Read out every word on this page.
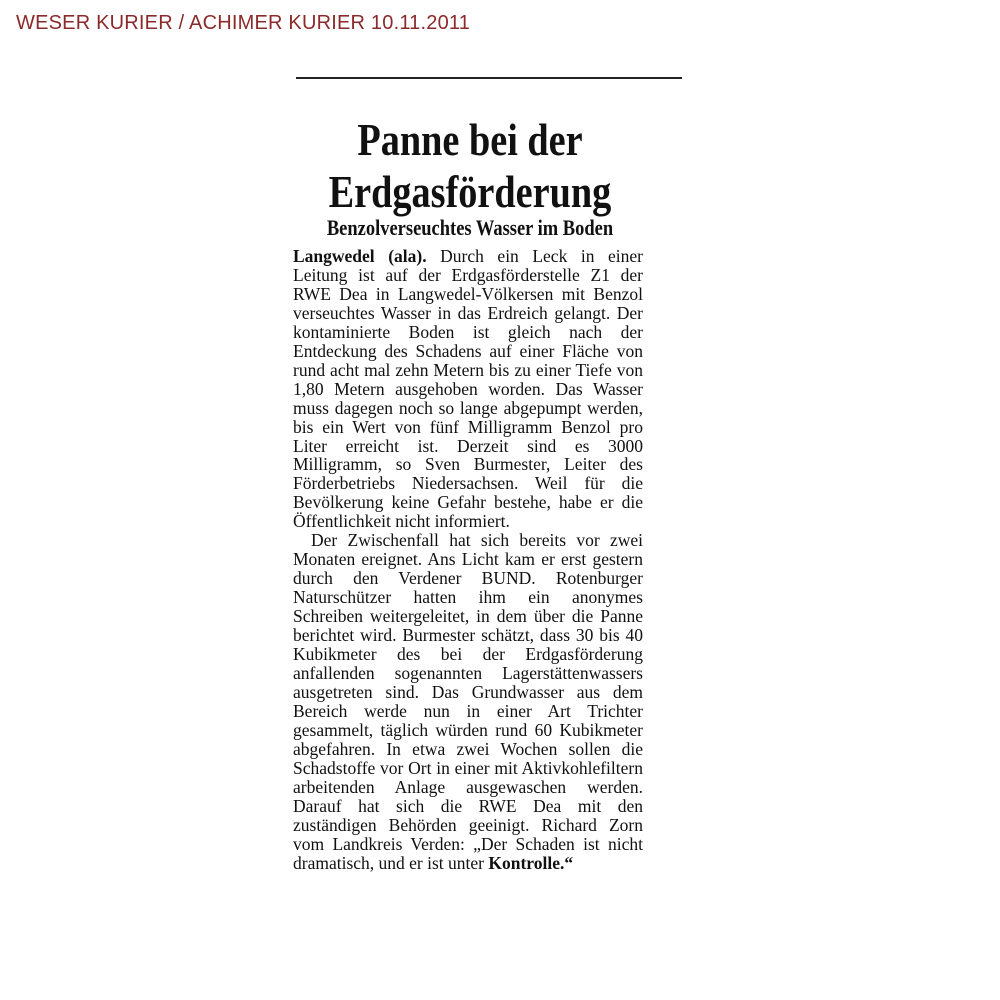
WESER KURIER / ACHIMER KURIER 10.11.2011
Panne bei der
Erdgasförderung
Benzolverseuchtes Wasser im Boden

Langwedel (ala). Durch ein Leck in einer Leitung ist auf der Erdgasförderstelle Z1 der RWE Dea in Langwedel-Völkersen mit Benzol verseuchtes Wasser in das Erdreich gelangt. Der kontaminierte Boden ist gleich nach der Entdeckung des Schadens auf einer Fläche von rund acht mal zehn Metern bis zu einer Tiefe von 1,80 Metern ausgehoben worden. Das Wasser muss dagegen noch so lange abgepumpt werden, bis ein Wert von fünf Milligramm Benzol pro Liter erreicht ist. Derzeit sind es 3000 Milligramm, so Sven Burmester, Leiter des Förderbetriebs Niedersachsen. Weil für die Bevölkerung keine Gefahr bestehe, habe er die Öffentlichkeit nicht informiert.

Der Zwischenfall hat sich bereits vor zwei Monaten ereignet. Ans Licht kam er erst gestern durch den Verdener BUND. Rotenburger Naturschützer hatten ihm ein anonymes Schreiben weitergeleitet, in dem über die Panne berichtet wird. Burmester schätzt, dass 30 bis 40 Kubikmeter des bei der Erdgasförderung anfallenden sogenannten Lagerstättenwassers ausgetreten sind. Das Grundwasser aus dem Bereich werde nun in einer Art Trichter gesammelt, täglich würden rund 60 Kubikmeter abgefahren. In etwa zwei Wochen sollen die Schadstoffe vor Ort in einer mit Aktivkohlefiltern arbeitenden Anlage ausgewaschen werden. Darauf hat sich die RWE Dea mit den zuständigen Behörden geeinigt. Richard Zorn vom Landkreis Verden: „Der Schaden ist nicht dramatisch, und er ist unter Kontrolle.“
